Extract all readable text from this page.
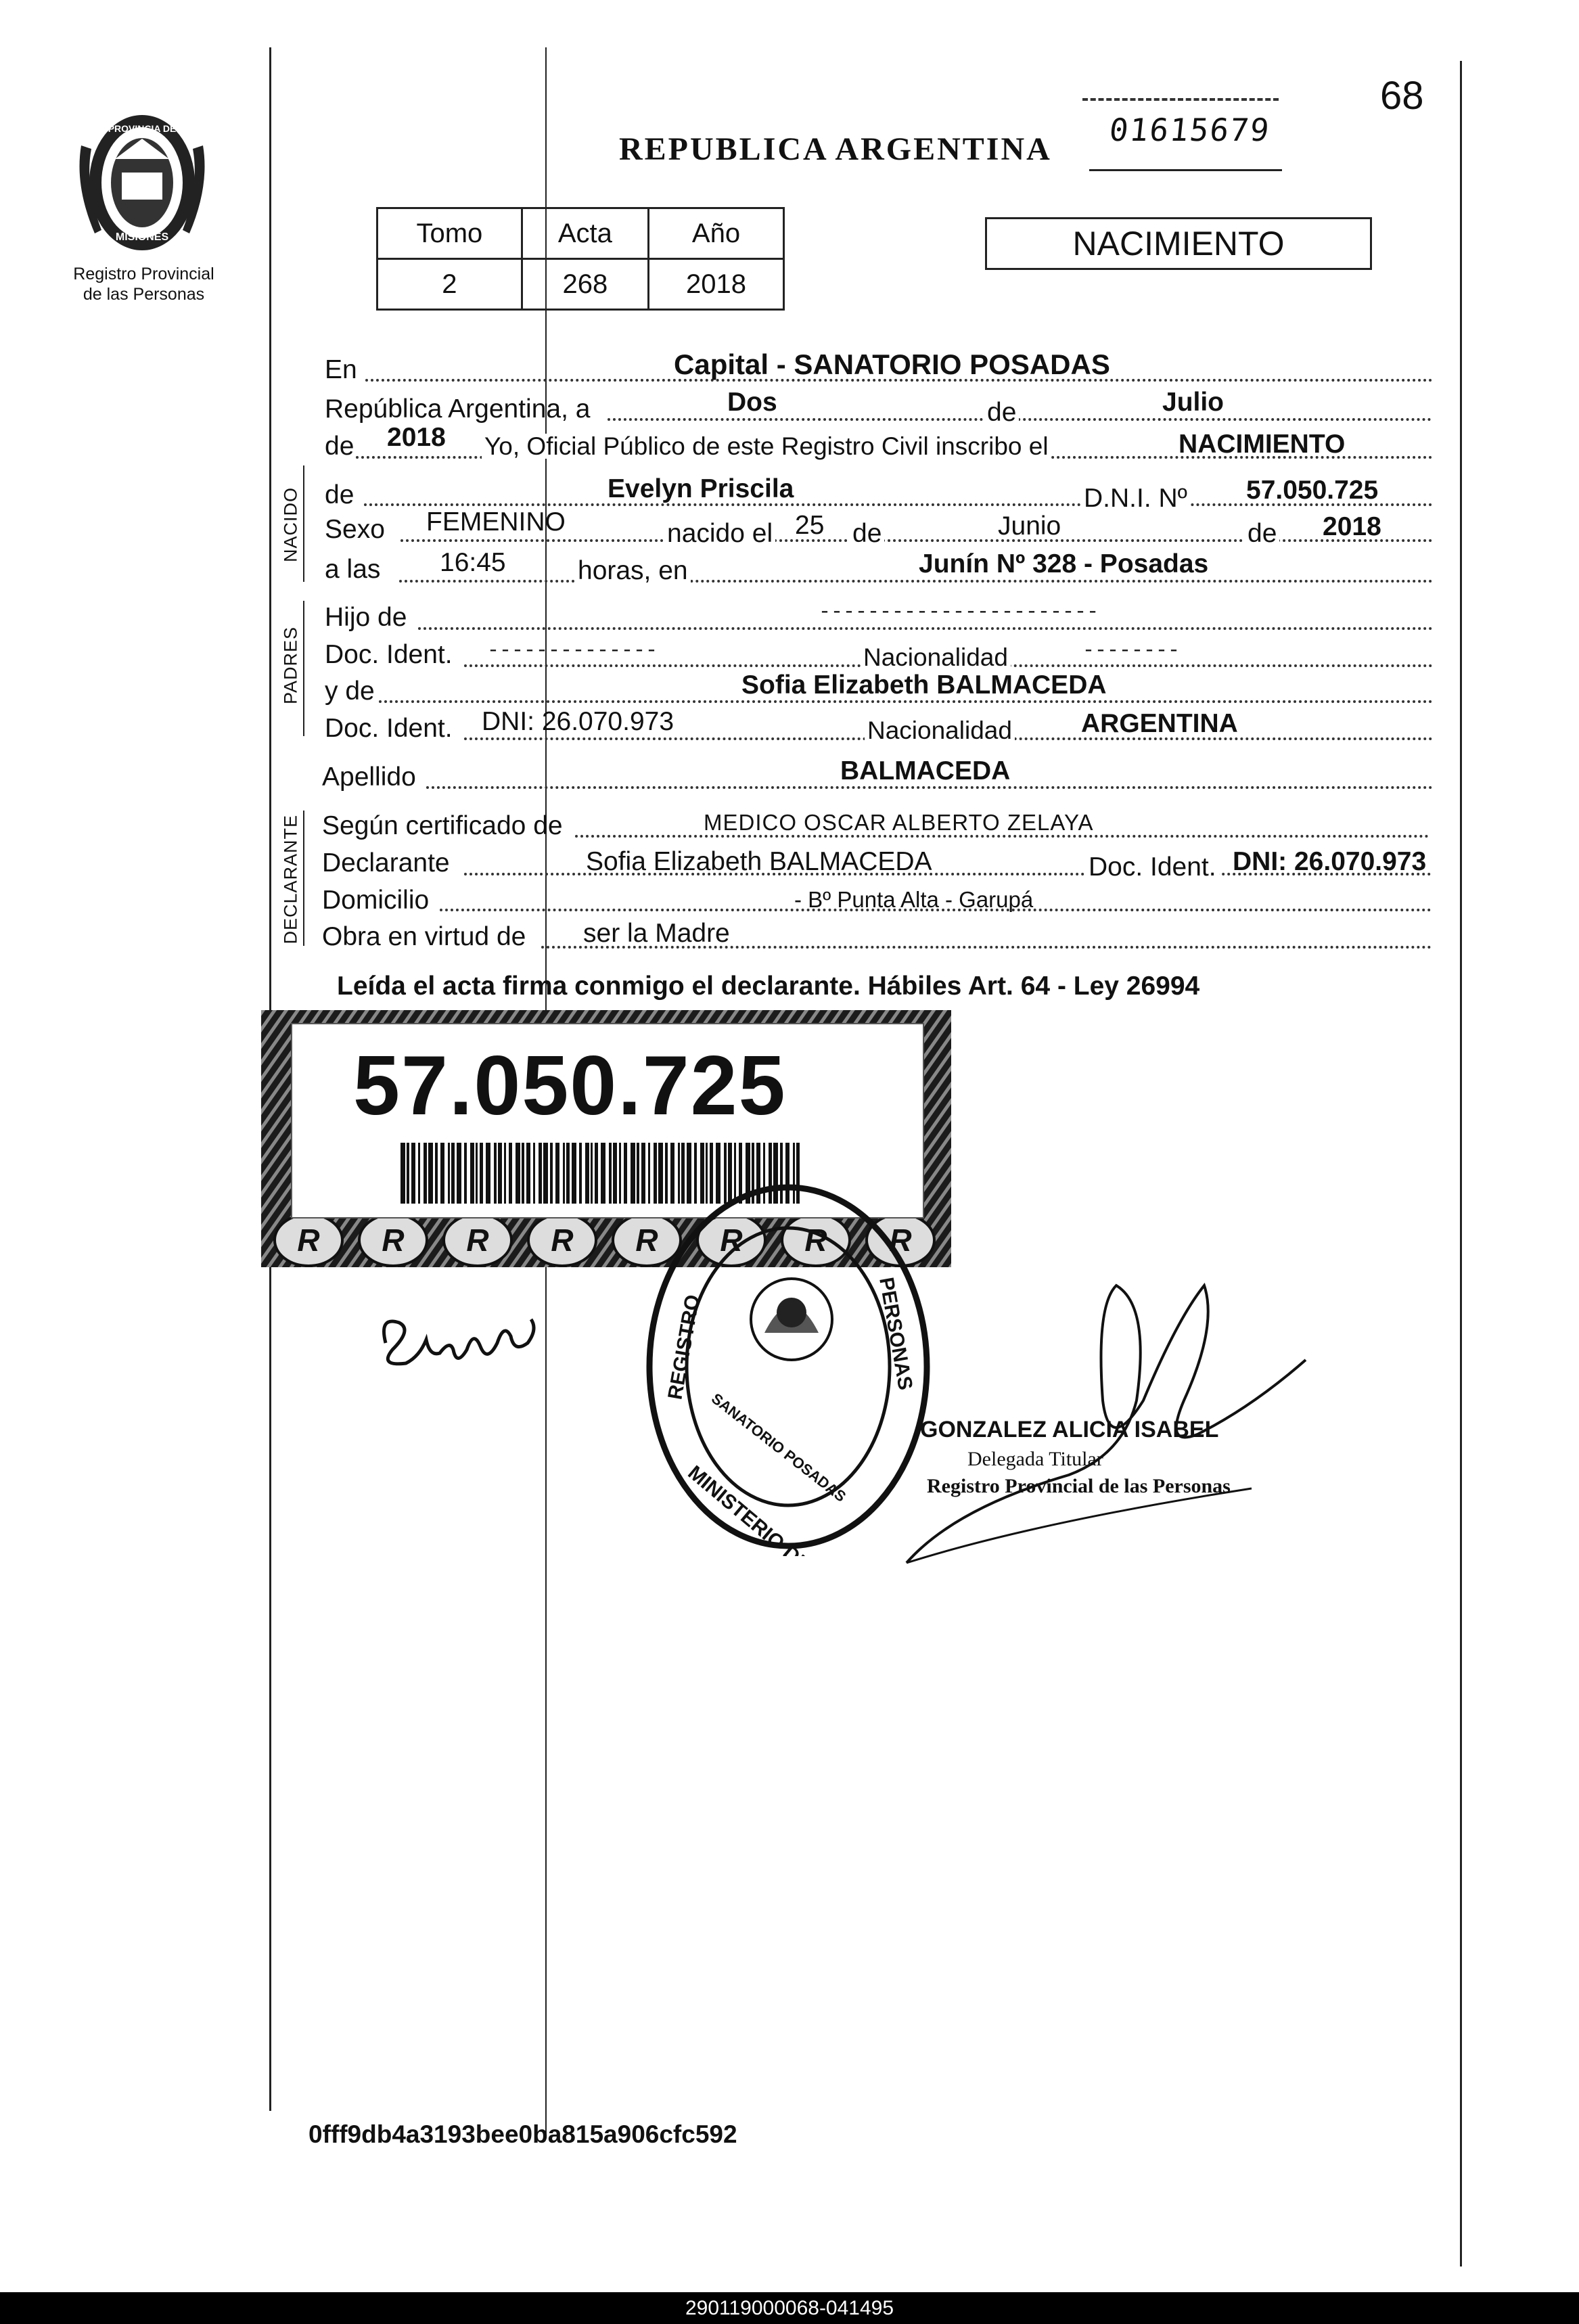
PROVINCIA DE
MISIONES
Registro Provincial
de las Personas
REPUBLICA ARGENTINA
01615679
68
Tomo	Acta	Año
2	268	2018
NACIMIENTO
NACIDO
PADRES
DECLARANTE
En	Capital - SANATORIO POSADAS
República Argentina, a	Dos	de	Julio
de 2018 Yo, Oficial Público de este Registro Civil inscribo el	NACIMIENTO
de	Evelyn Priscila	D.N.I. Nº 57.050.725
Sexo FEMENINO	nacido el 25 de	Junio	de 2018
a las 16:45	horas, en	Junín Nº 328 - Posadas
Hijo de	-----------------------
Doc. Ident. --------------	Nacionalidad	--------
y de	Sofia Elizabeth BALMACEDA
Doc. Ident. DNI: 26.070.973	Nacionalidad	ARGENTINA
Apellido	BALMACEDA
Según certificado de	MEDICO OSCAR ALBERTO ZELAYA
Declarante	Sofia Elizabeth BALMACEDA	Doc. Ident. DNI: 26.070.973
Domicilio	- Bº Punta Alta - Garupá
Obra en virtud de ser la Madre
Leída el acta firma conmigo el declarante. Hábiles Art. 64 - Ley 26994
R R R R R R R R
57.050.725
REGISTRO	PERSONAS
SANATORIO POSADAS	GONZALEZ ALICIA ISABEL
Delegada Titular
Registro Provincial de las Personas
0fff9db4a3193bee0ba815a906cfc592
290119000068-041495
